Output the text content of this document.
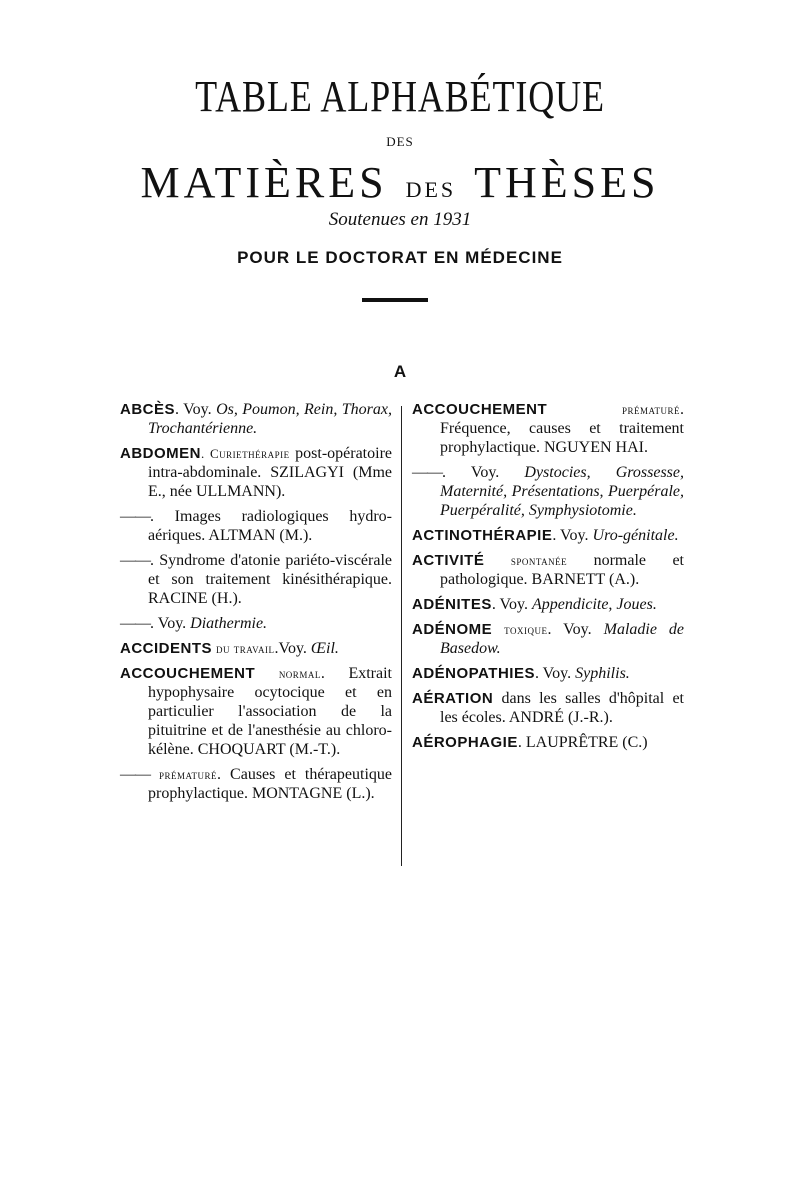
TABLE ALPHABÉTIQUE
DES
MATIÈRES DES THÈSES
Soutenues en 1931
POUR LE DOCTORAT EN MÉDECINE
A
ABCÈS. Voy. Os, Poumon, Rein, Thorax, Trochantérienne.
ABDOMEN. Curiethérapie post-opératoire intra-abdominale. SZILAGYI (Mme E., née ULLMANN).
——. Images radiologiques hydro-aériques. ALTMAN (M.).
——. Syndrome d'atonie pariéto-viscérale et son traitement kinésithérapique. RACINE (H.).
——. Voy. Diathermie.
ACCIDENTS du travail.Voy. Œil.
ACCOUCHEMENT normal. Extrait hypophysaire ocytocique et en particulier l'association de la pituitrine et de l'anesthésie au chloro-kélène. CHOQUART (M.-T.).
—— prématuré. Causes et thérapeutique prophylactique. MONTAGNE (L.).
ACCOUCHEMENT	prématuré. Fréquence, causes et traitement prophylactique. NGUYEN HAI.
——. Voy. Dystocies, Grossesse, Maternité, Présentations, Puerpérale, Puerpéralité, Symphysiotomie.
ACTINOTHÉRAPIE. Voy. Uro-génitale.
ACTIVITÉ spontanée normale et pathologique. BARNETT (A.).
ADÉNITES. Voy. Appendicite, Joues.
ADÉNOME toxique. Voy. Maladie de Basedow.
ADÉNOPATHIES. Voy. Syphilis.
AÉRATION dans les salles d'hôpital et les écoles. ANDRÉ (J.-R.).
AÉROPHAGIE. LAUPRÊTRE (C.)
